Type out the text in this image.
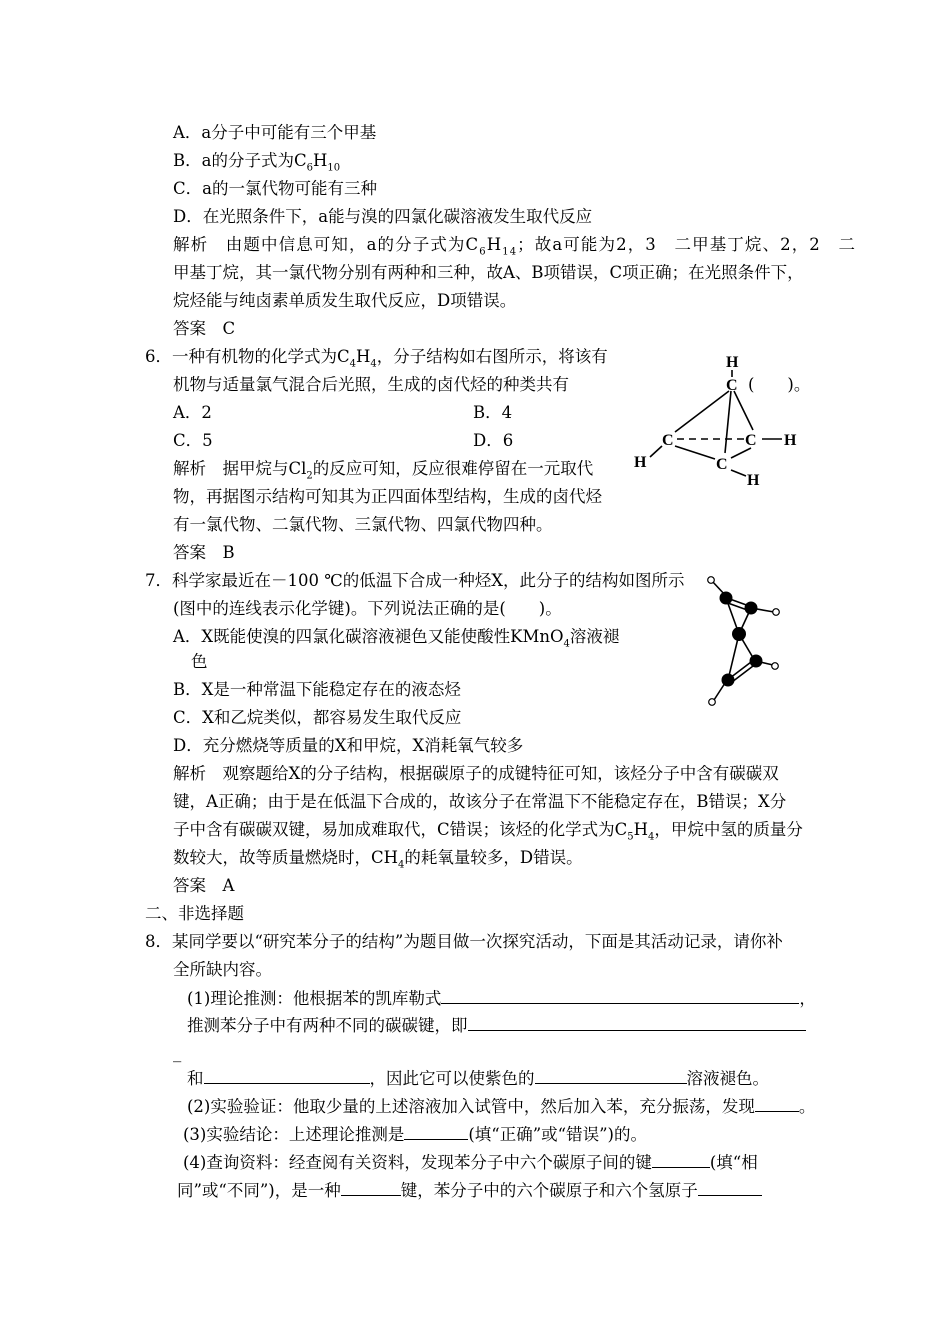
A．a分子中可能有三个甲基
B．a的分子式为$C_6H_{10}$
C．a的一氯代物可能有三种
D．在光照条件下，a能与溴的四氯化碳溶液发生取代反应
解析　由题中信息可知，a的分子式为$C_6H_{14}$；故a可能为2，3　二甲基丁烷、2，2　二
甲基丁烷，其一氯代物分别有两种和三种，故A、B项错误，C项正确；在光照条件下，
烷烃能与纯卤素单质发生取代反应，D项错误。
答案　C
6．一种有机物的化学式为$C_4H_4$，分子结构如右图所示，将该有
机物与适量氯气混合后光照，生成的卤代烃的种类共有	(　　)。
A．2	B．4
C．5	D．6
解析　据甲烷与$Cl_2$的反应可知，反应很难停留在一元取代
物，再据图示结构可知其为正四面体型结构，生成的卤代烃
有一氯代物、二氯代物、三氯代物、四氯代物四种。
答案　B
H
C
C	C H
H	C
H
7．科学家最近在－100 ℃的低温下合成一种烃X，此分子的结构如图所示
(图中的连线表示化学键)。下列说法正确的是(　　)。
A．X既能使溴的四氯化碳溶液褪色又能使酸性KMnO$_4$溶液褪
色
B．X是一种常温下能稳定存在的液态烃
C．X和乙烷类似，都容易发生取代反应
D．充分燃烧等质量的X和甲烷，X消耗氧气较多
解析　观察题给X的分子结构，根据碳原子的成键特征可知，该烃分子中含有碳碳双
键，A正确；由于是在低温下合成的，故该分子在常温下不能稳定存在，B错误；X分
子中含有碳碳双键，易加成难取代，C错误；该烃的化学式为$C_5H_4$，甲烷中氢的质量分
数较大，故等质量燃烧时，$CH_4$的耗氧量较多，D错误。
答案　A
二、非选择题
8．某同学要以“研究苯分子的结构”为题目做一次探究活动，下面是其活动记录，请你补
全所缺内容。
(1)理论推测：他根据苯的凯库勒式	，
推测苯分子中有两种不同的碳碳键，即
_
和	，因此它可以使紫色的	溶液褪色。
(2)实验验证：他取少量的上述溶液加入试管中，然后加入苯，充分振荡，发现	。
(3)实验结论：上述理论推测是	(填“正确”或“错误”)的。
(4)查询资料：经查阅有关资料，发现苯分子中六个碳原子间的键	(填“相
同”或“不同”)，是一种	键，苯分子中的六个碳原子和六个氢原子
